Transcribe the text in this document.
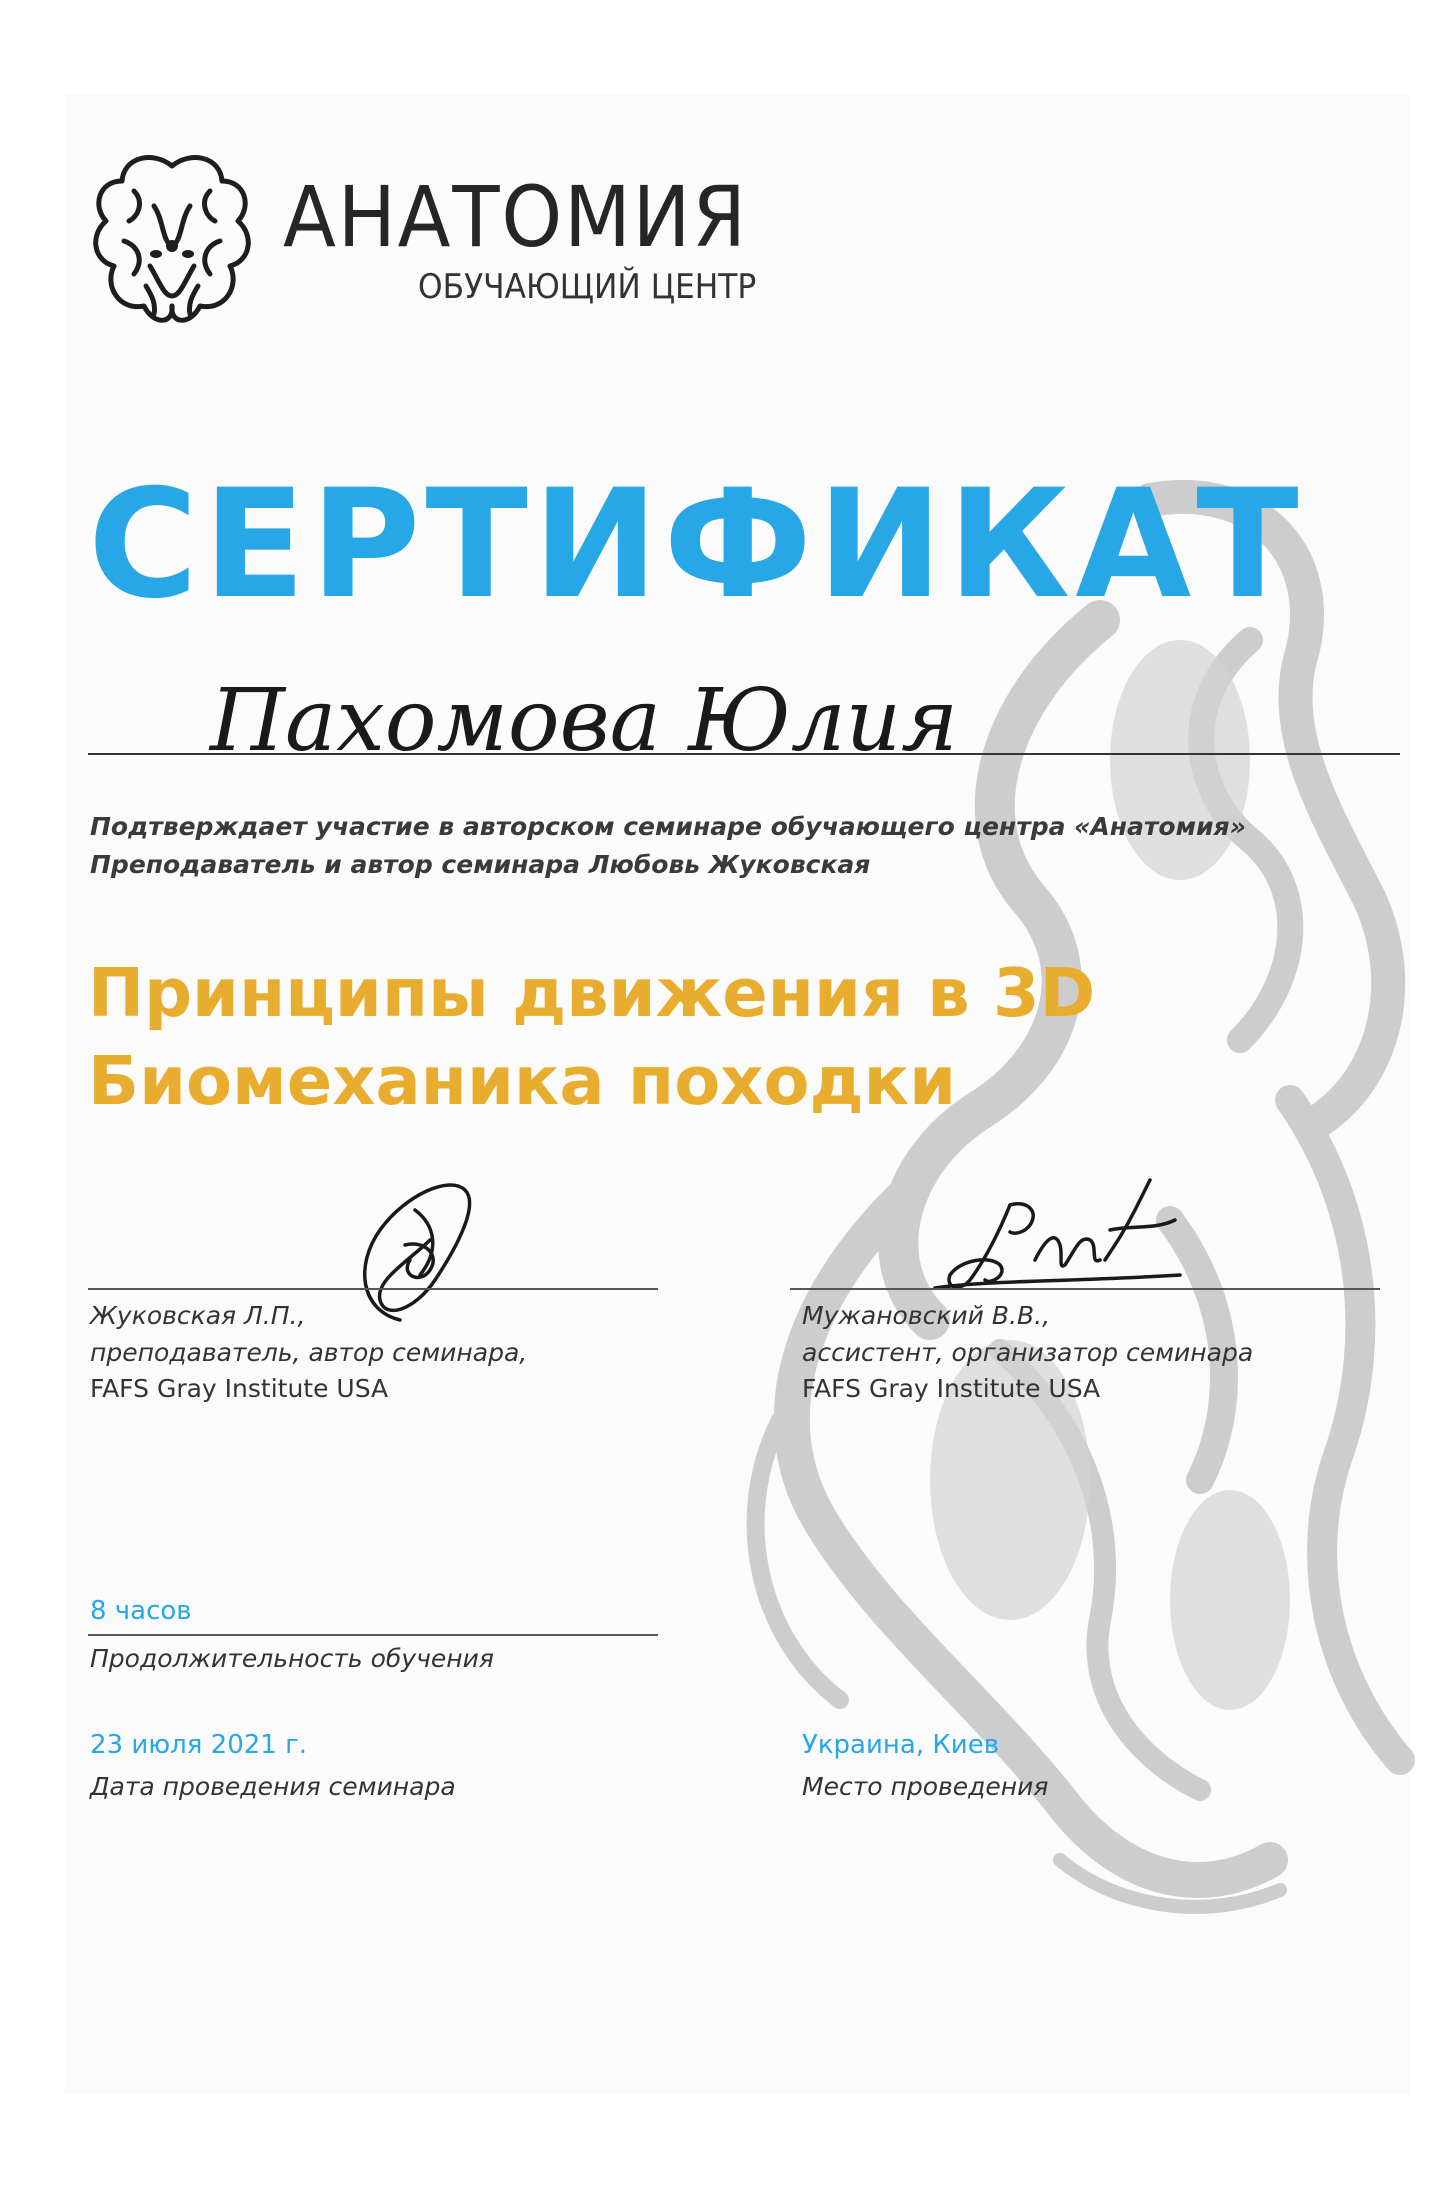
АНАТОМИЯ
ОБУЧАЮЩИЙ ЦЕНТР
СЕРТИФИКАТ
Пахомова Юлия
Подтверждает участие в авторском семинаре обучающего центра «Анатомия»
Преподаватель и автор семинара Любовь Жуковская
Принципы движения в 3D
Биомеханика походки
Жуковская Л.П.,
преподаватель, автор семинара,
FAFS Gray Institute USA
Мужановский В.В.,
ассистент, организатор семинара
FAFS Gray Institute USA
8 часов
Продолжительность обучения
23 июля 2021 г.
Дата проведения семинара
Украина, Киев
Место проведения
